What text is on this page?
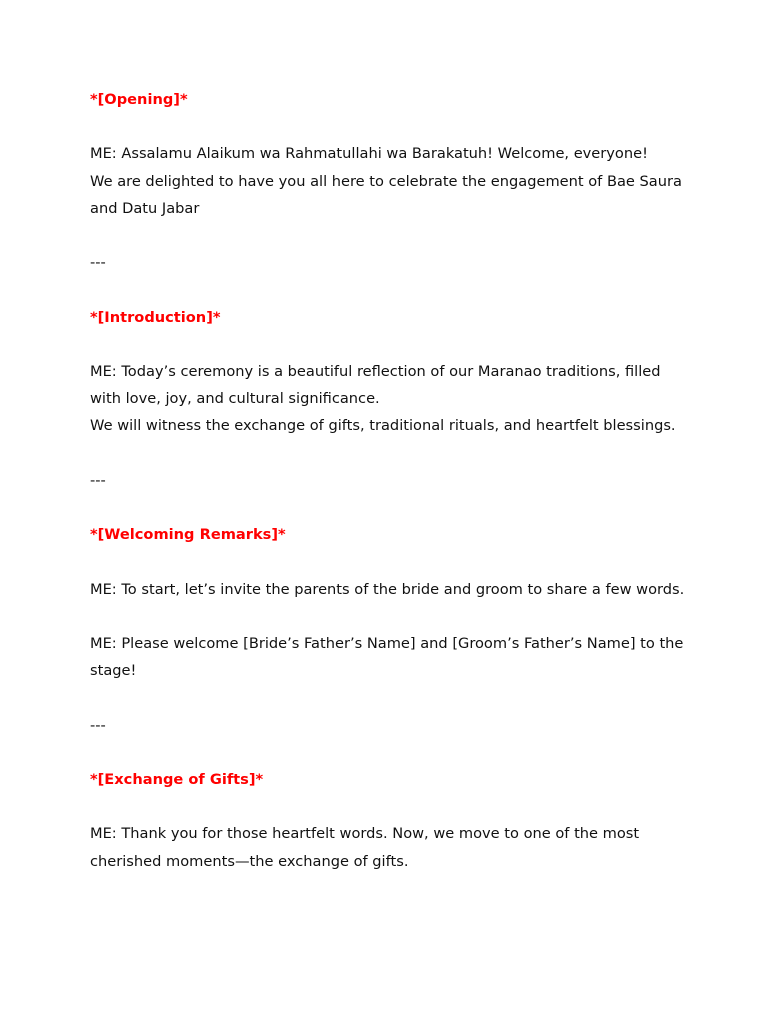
*[Opening]*

ME: Assalamu Alaikum wa Rahmatullahi wa Barakatuh! Welcome, everyone!

We are delighted to have you all here to celebrate the engagement of Bae Saura and Datu Jabar

---

*[Introduction]*

ME: Today’s ceremony is a beautiful reflection of our Maranao traditions, filled with love, joy, and cultural significance.

We will witness the exchange of gifts, traditional rituals, and heartfelt blessings.

---

*[Welcoming Remarks]*

ME: To start, let’s invite the parents of the bride and groom to share a few words.

ME: Please welcome [Bride’s Father’s Name] and [Groom’s Father’s Name] to the stage!

---

*[Exchange of Gifts]*

ME: Thank you for those heartfelt words. Now, we move to one of the most cherished moments—the exchange of gifts.
